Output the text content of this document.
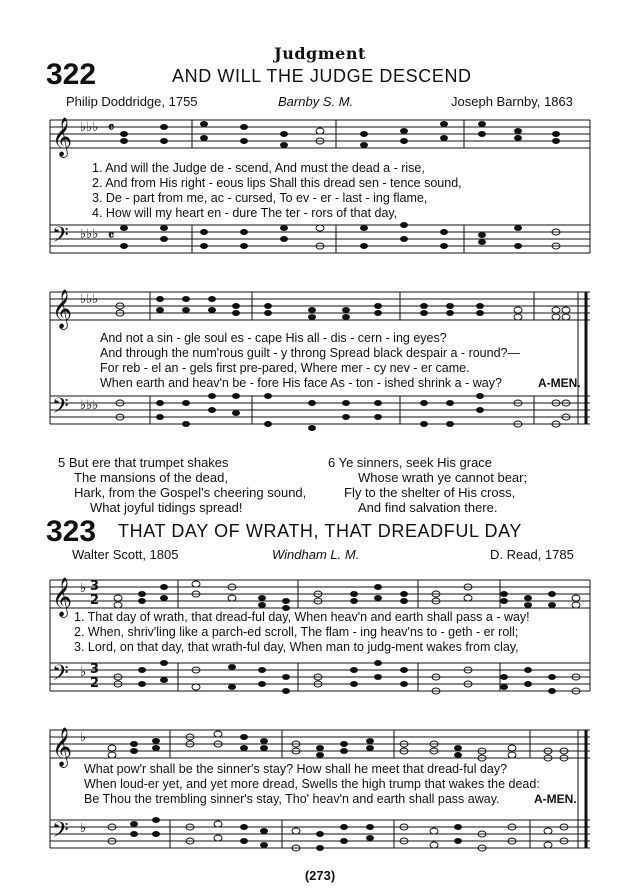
Judgment
322	AND WILL THE JUDGE DESCEND
Philip Doddridge, 1755	Barnby S. M.	Joseph Barnby, 1863
𝄞
𝄢
♭♭♭
♭♭♭
𝄴
𝄴
𝄞
𝄢
♭♭♭
♭♭♭
𝄞
𝄢
♭
♭
3
2
3
2
𝄞
𝄢
♭
♭
1. And will the Judge de - scend, And must the dead a - rise,
2. And from His right - eous lips Shall this dread sen - tence sound,
3. De - part from me, ac - cursed, To ev - er - last - ing flame,
4. How will my heart en - dure The ter - rors of that day,
And not a sin - gle soul es - cape His all - dis - cern - ing eyes?
And through the num'rous guilt - y throng Spread black despair a - round?—
For reb - el an - gels first pre-pared, Where mer - cy nev - er came.
When earth and heav'n be - fore His face As - ton - ished shrink a - way?	A-MEN.
5 But ere that trumpet shakes
The mansions of the dead,
Hark, from the Gospel's cheering sound,
What joyful tidings spread!
6 Ye sinners, seek His grace
Whose wrath ye cannot bear;
Fly to the shelter of His cross,
And find salvation there.
323 THAT DAY OF WRATH, THAT DREADFUL DAY
Walter Scott, 1805	Windham L. M.	D. Read, 1785
1. That day of wrath, that dread-ful day, When heav'n and earth shall pass a - way!
2. When, shriv'ling like a parch-ed scroll, The flam - ing heav'ns to - geth - er roll;
3. Lord, on that day, that wrath-ful day, When man to judg-ment wakes from clay,
What pow'r shall be the sinner's stay? How shall he meet that dread-ful day?
When loud-er yet, and yet more dread, Swells the high trump that wakes the dead:
Be Thou the trembling sinner's stay, Tho' heav'n and earth shall pass away.	A-MEN.
(273)
